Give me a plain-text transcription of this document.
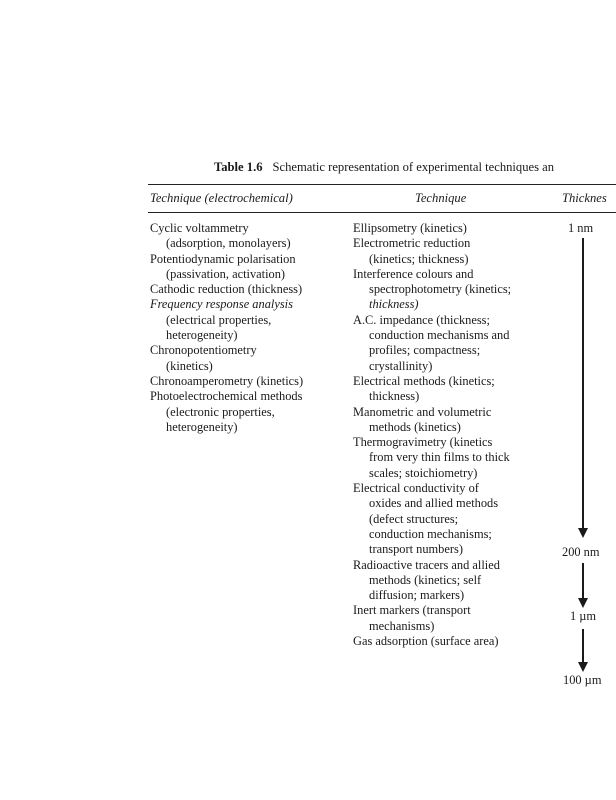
Table 1.6 Schematic representation of experimental techniques an
Technique (electrochemical)	Technique	Thicknes
Cyclic voltammetry
(adsorption, monolayers)
Potentiodynamic polarisation
(passivation, activation)
Cathodic reduction (thickness)
Frequency response analysis
(electrical properties,
heterogeneity)
Chronopotentiometry
(kinetics)
Chronoamperometry (kinetics)
Photoelectrochemical methods
(electronic properties,
heterogeneity)
Ellipsometry (kinetics)
Electrometric reduction
(kinetics; thickness)
Interference colours and
spectrophotometry (kinetics;
thickness)
A.C. impedance (thickness;
conduction mechanisms and
profiles; compactness;
crystallinity)
Electrical methods (kinetics;
thickness)
Manometric and volumetric
methods (kinetics)
Thermogravimetry (kinetics
from very thin films to thick
scales; stoichiometry)
Electrical conductivity of
oxides and allied methods
(defect structures;
conduction mechanisms;
transport numbers)
Radioactive tracers and allied
methods (kinetics; self
diffusion; markers)
Inert markers (transport
mechanisms)
Gas adsorption (surface area)
1 nm
200 nm
1 µm
100 µm
